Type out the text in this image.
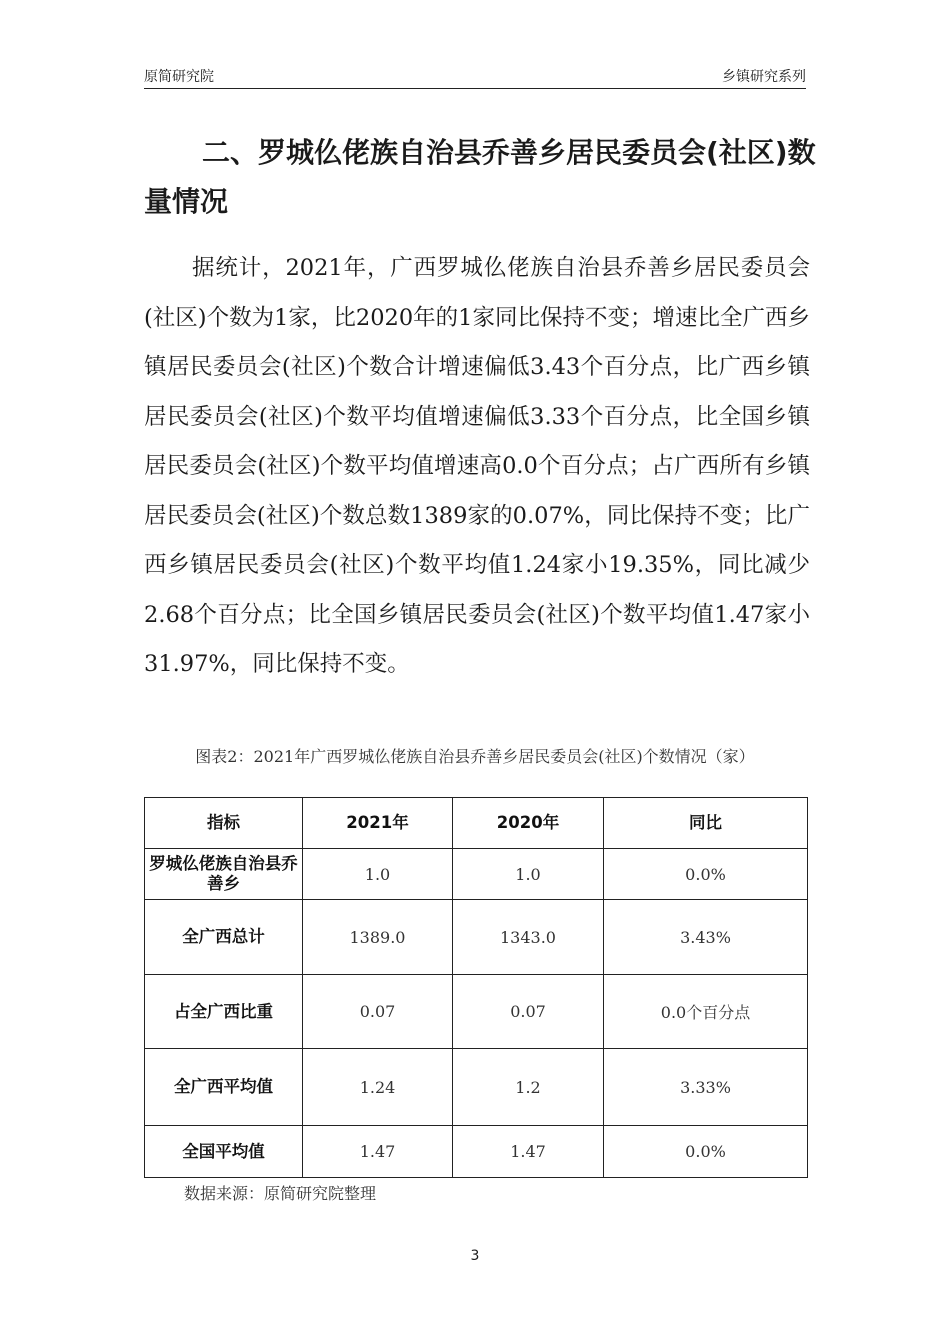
原简研究院	乡镇研究系列
二、罗城仫佬族自治县乔善乡居民委员会(社区)数量情况

据统计，2021年，广西罗城仫佬族自治县乔善乡居民委员会(社区)个数为1家，比2020年的1家同比保持不变；增速比全广西乡镇居民委员会(社区)个数合计增速偏低3.43个百分点，比广西乡镇居民委员会(社区)个数平均值增速偏低3.33个百分点，比全国乡镇居民委员会(社区)个数平均值增速高0.0个百分点；占广西所有乡镇居民委员会(社区)个数总数1389家的0.07%，同比保持不变；比广西乡镇居民委员会(社区)个数平均值1.24家小19.35%，同比减少2.68个百分点；比全国乡镇居民委员会(社区)个数平均值1.47家小31.97%，同比保持不变。

图表2：2021年广西罗城仫佬族自治县乔善乡居民委员会(社区)个数情况（家）
指标	2021年	2020年	同比
罗城仫佬族自治县乔善乡	1.0	1.0	0.0%
全广西总计	1389.0	1343.0	3.43%
占全广西比重	0.07	0.07	0.0个百分点
全广西平均值	1.24	1.2	3.33%
全国平均值	1.47	1.47	0.0%
数据来源：原简研究院整理
3
